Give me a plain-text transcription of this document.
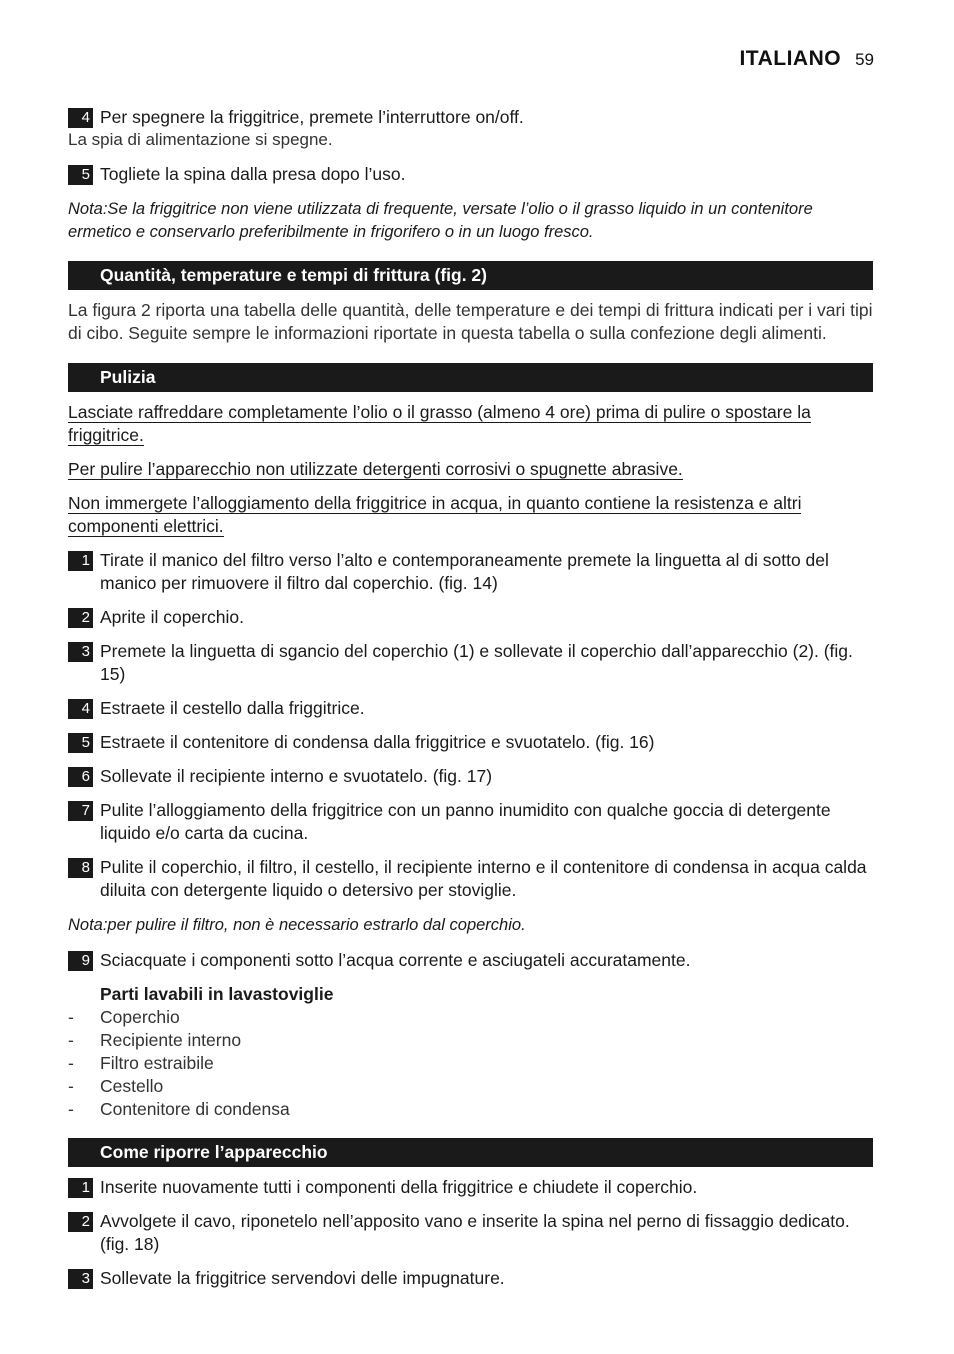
ITALIANO 59
4 Per spegnere la friggitrice, premete l’interruttore on/off.
La spia di alimentazione si spegne.
5 Togliete la spina dalla presa dopo l’uso.
Nota:Se la friggitrice non viene utilizzata di frequente, versate l’olio o il grasso liquido in un contenitore ermetico e conservarlo preferibilmente in frigorifero o in un luogo fresco.
Quantità, temperature e tempi di frittura (fig. 2)
La figura 2 riporta una tabella delle quantità, delle temperature e dei tempi di frittura indicati per i vari tipi di cibo. Seguite sempre le informazioni riportate in questa tabella o sulla confezione degli alimenti.
Pulizia
Lasciate raffreddare completamente l’olio o il grasso (almeno 4 ore) prima di pulire o spostare la friggitrice.
Per pulire l’apparecchio non utilizzate detergenti corrosivi o spugnette abrasive.
Non immergete l’alloggiamento della friggitrice in acqua, in quanto contiene la resistenza e altri componenti elettrici.
1 Tirate il manico del filtro verso l’alto e contemporaneamente premete la linguetta al di sotto del manico per rimuovere il filtro dal coperchio. (fig. 14)
2 Aprite il coperchio.
3 Premete la linguetta di sgancio del coperchio (1) e sollevate il coperchio dall’apparecchio (2). (fig. 15)
4 Estraete il cestello dalla friggitrice.
5 Estraete il contenitore di condensa dalla friggitrice e svuotatelo. (fig. 16)
6 Sollevate il recipiente interno e svuotatelo. (fig. 17)
7 Pulite l’alloggiamento della friggitrice con un panno inumidito con qualche goccia di detergente liquido e/o carta da cucina.
8 Pulite il coperchio, il filtro, il cestello, il recipiente interno e il contenitore di condensa in acqua calda diluita con detergente liquido o detersivo per stoviglie.
Nota:per pulire il filtro, non è necessario estrarlo dal coperchio.
9 Sciacquate i componenti sotto l’acqua corrente e asciugateli accuratamente.
Parti lavabili in lavastoviglie
-	Coperchio
-	Recipiente interno
-	Filtro estraibile
-	Cestello
-	Contenitore di condensa
Come riporre l’apparecchio
1 Inserite nuovamente tutti i componenti della friggitrice e chiudete il coperchio.
2 Avvolgete il cavo, riponetelo nell’apposito vano e inserite la spina nel perno di fissaggio dedicato. (fig. 18)
3 Sollevate la friggitrice servendovi delle impugnature.
